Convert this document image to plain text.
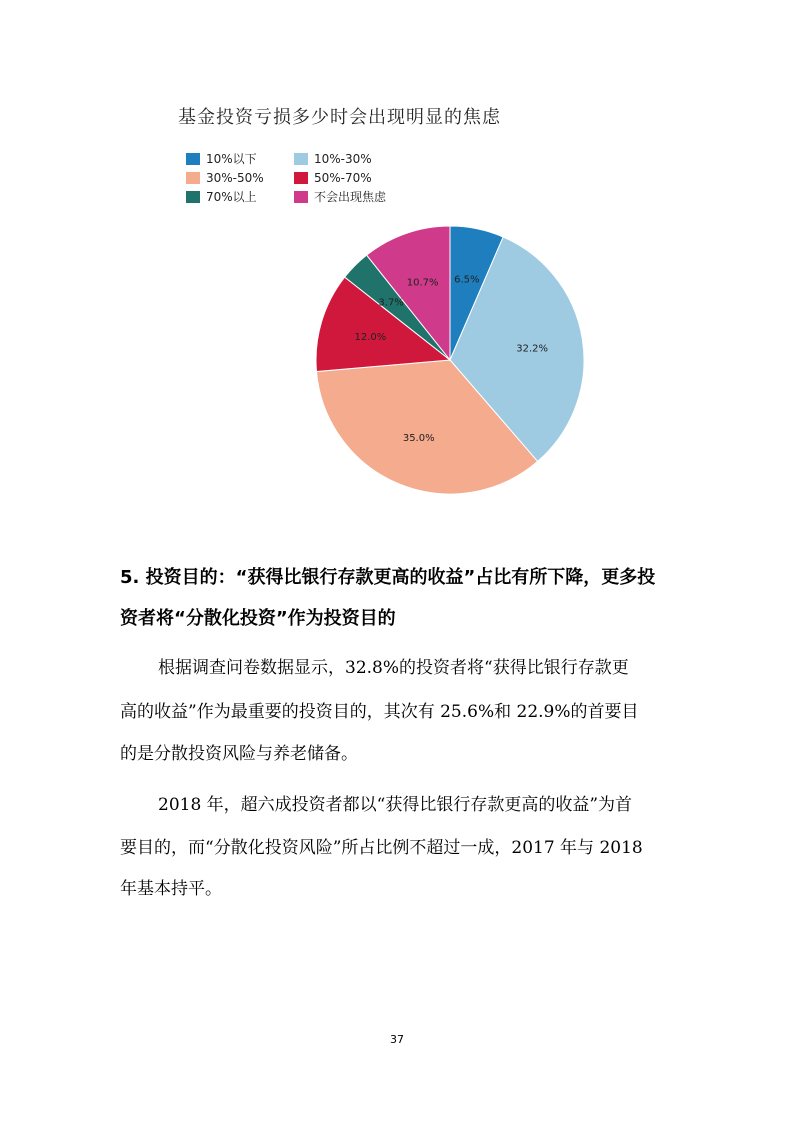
基金投资亏损多少时会出现明显的焦虑
10%以下	10%-30%
30%-50%	50%-70%
70%以上	不会出现焦虑
6.5%
32.2%
35.0%
12.0%
3.7%
10.7%
5. 投资目的：“获得比银行存款更高的收益”占比有所下降，更多投
资者将“分散化投资”作为投资目的
根据调查问卷数据显示，32.8%的投资者将“获得比银行存款更
高的收益”作为最重要的投资目的，其次有 25.6%和 22.9%的首要目
的是分散投资风险与养老储备。
2018 年，超六成投资者都以“获得比银行存款更高的收益”为首
要目的，而“分散化投资风险”所占比例不超过一成，2017 年与 2018
年基本持平。
37
